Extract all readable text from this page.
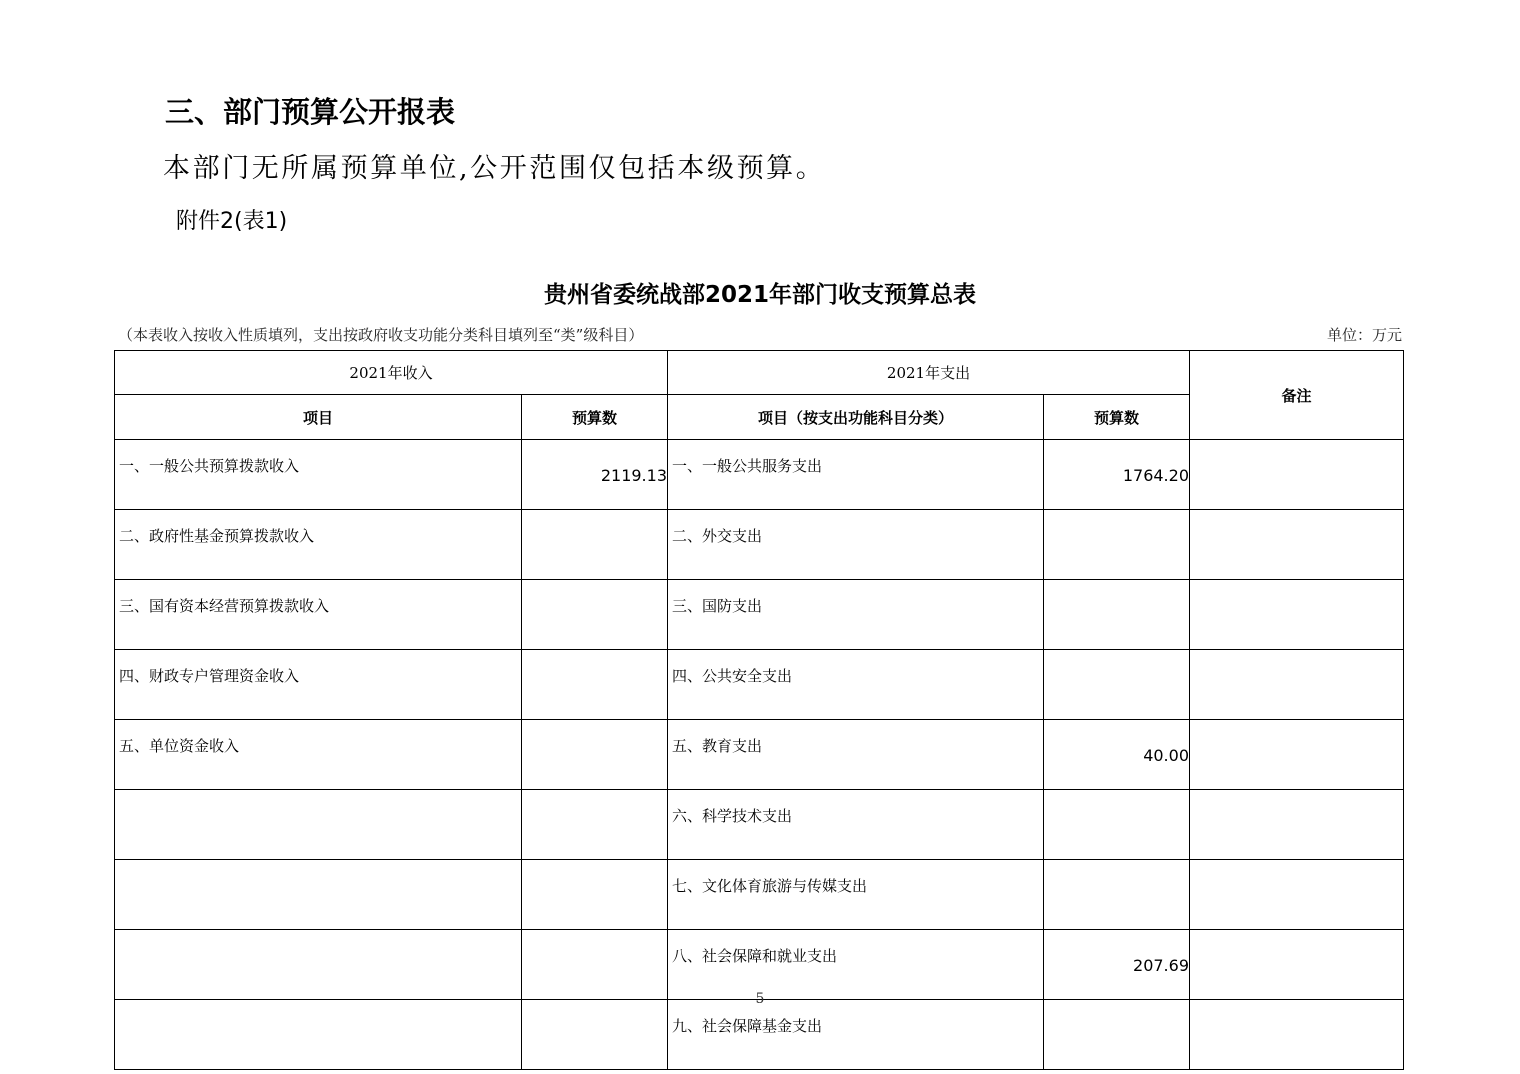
三、部门预算公开报表
本部门无所属预算单位,公开范围仅包括本级预算。
附件2(表1)
贵州省委统战部2021年部门收支预算总表
（本表收入按收入性质填列，支出按政府收支功能分类科目填列至“类”级科目）	单位：万元
2021年收入		2021年支出		备注
项目	预算数	项目（按支出功能科目分类）	预算数	
一、一般公共预算拨款收入	2119.13	一、一般公共服务支出	1764.20	
二、政府性基金预算拨款收入		二、外交支出		
三、国有资本经营预算拨款收入		三、国防支出		
四、财政专户管理资金收入		四、公共安全支出		
五、单位资金收入		五、教育支出	40.00	
		六、科学技术支出		
		七、文化体育旅游与传媒支出		
		八、社会保障和就业支出	207.69	
		九、社会保障基金支出		
5
